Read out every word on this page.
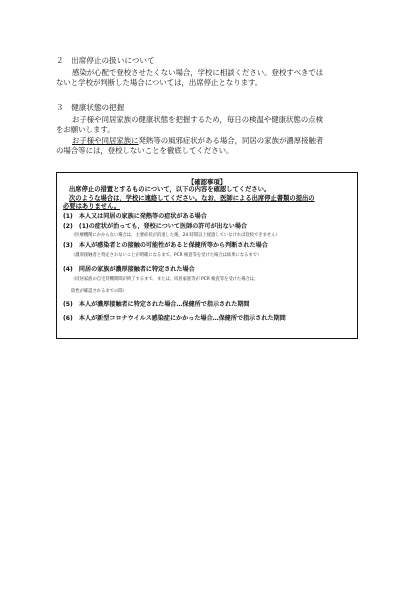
２　出席停止の扱いについて

感染が心配で登校させたくない場合，学校に相談ください。登校すべきでは

ないと学校が判断した場合については，出席停止となります。

３　健康状態の把握

お子様や同居家族の健康状態を把握するため，毎日の検温や健康状態の点検

をお願いします。

お子様や同居家族に発熱等の風邪症状がある場合，同居の家族が濃厚接触者

の場合等には，登校しないことを徹底してください。

【確認事項】

出席停止の措置とするものについて，以下の内容を確認してください。

次のような場合は，学校に連絡してください。なお，医師による出席停止書類の提出の

必要はありません。

(1)　本人又は同居の家族に発熱等の症状がある場合
(2)　(1)の症状が治っても，登校について医師の許可が出ない場合
（医療機関にかからない場合は，主要症状が消退した後，24 時間以上経過していなければ登校できません）
(3)　本人が感染者との接触の可能性があると保健所等から判断された場合
（濃厚接触者と特定されないことが明確になるまで。PCR 検査等を受けた場合は結果になるまで）
(4)　同居の家族が濃厚接触者に特定された場合
（同居家族の自宅待機期間が終了するまで。または，同居家族等が PCR 検査等を受けた場合は，
陰性が確認されるまでの間）
(5)　本人が濃厚接触者に特定された場合…保健所で指示された期間
(6)　本人が新型コロナウイルス感染症にかかった場合…保健所で指示された期間
